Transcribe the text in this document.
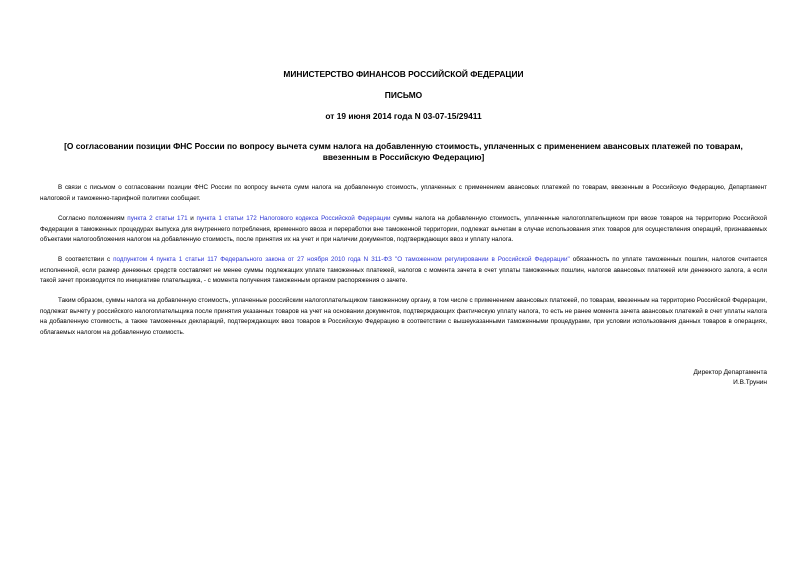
МИНИСТЕРСТВО ФИНАНСОВ РОССИЙСКОЙ ФЕДЕРАЦИИ
ПИСЬМО
от 19 июня 2014 года N 03-07-15/29411
[О согласовании позиции ФНС России по вопросу вычета сумм налога на добавленную стоимость, уплаченных с применением авансовых платежей по товарам, ввезенным в Российскую Федерацию]

В связи с письмом о согласовании позиции ФНС России по вопросу вычета сумм налога на добавленную стоимость, уплаченных с применением авансовых платежей по товарам, ввезенным в Российскую Федерацию, Департамент налоговой и таможенно-тарифной политики сообщает.

Согласно положениям пункта 2 статьи 171 и пункта 1 статьи 172 Налогового кодекса Российской Федерации суммы налога на добавленную стоимость, уплаченные налогоплательщиком при ввозе товаров на территорию Российской Федерации в таможенных процедурах выпуска для внутреннего потребления, временного ввоза и переработки вне таможенной территории, подлежат вычетам в случае использования этих товаров для осуществления операций, признаваемых объектами налогообложения налогом на добавленную стоимость, после принятия их на учет и при наличии документов, подтверждающих ввоз и уплату налога.

В соответствии с подпунктом 4 пункта 1 статьи 117 Федерального закона от 27 ноября 2010 года N 311-ФЗ "О таможенном регулировании в Российской Федерации" обязанность по уплате таможенных пошлин, налогов считается исполненной, если размер денежных средств составляет не менее суммы подлежащих уплате таможенных платежей, налогов с момента зачета в счет уплаты таможенных пошлин, налогов авансовых платежей или денежного залога, а если такой зачет производится по инициативе плательщика, - с момента получения таможенным органом распоряжения о зачете.

Таким образом, суммы налога на добавленную стоимость, уплаченные российским налогоплательщиком таможенному органу, в том числе с применением авансовых платежей, по товарам, ввезенным на территорию Российской Федерации, подлежат вычету у российского налогоплательщика после принятия указанных товаров на учет на основании документов, подтверждающих фактическую уплату налога, то есть не ранее момента зачета авансовых платежей в счет уплаты налога на добавленную стоимость, а также таможенных деклараций, подтверждающих ввоз товаров в Российскую Федерацию в соответствии с вышеуказанными таможенными процедурами, при условии использования данных товаров в операциях, облагаемых налогом на добавленную стоимость.

Директор Департамента
И.В.Трунин
